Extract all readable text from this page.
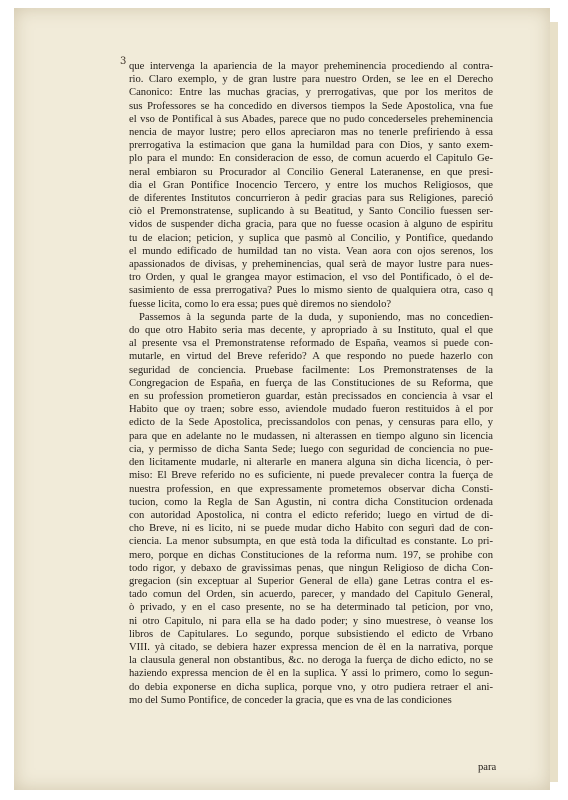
3 que intervenga la apariencia de la mayor preheminencia procediendo al contra-
rio. Claro exemplo, y de gran lustre para nuestro Orden, se lee en el Derecho
Canonico: Entre las muchas gracias, y prerrogativas, que por los meritos de
sus Professores se ha concedido en diversos tiempos la Sede Apostolica, vna fue
el vso de Pontifical à sus Abades, parece que no pudo concederseles preheminencia
nencia de mayor lustre; pero ellos apreciaron mas no tenerle prefiriendo à essa
prerrogativa la estimacion que gana la humildad para con Dios, y santo exem-
plo para el mundo: En consideracion de esso, de comun acuerdo el Capitulo Ge-
neral embiaron su Procurador al Concilio General Lateranense, en que presi-
dia el Gran Pontifice Inocencio Tercero, y entre los muchos Religiosos, que
de diferentes Institutos concurrieron à pedir gracias para sus Religiones, pareció
ciò el Premonstratense, suplicando à su Beatitud, y Santo Concilio fuessen ser-
vidos de suspender dicha gracia, para que no fuesse ocasion à alguno de espiritu
tu de elacion; peticion, y suplica que pasmò al Concilio, y Pontifice, quedando
el mundo edificado de humildad tan no vista. Vean aora con ojos serenos, los
apassionados de divisas, y preheminencias, qual serà de mayor lustre para nues-
tro Orden, y qual le grangea mayor estimacion, el vso del Pontificado, ò el de-
sasimiento de essa prerrogativa? Pues lo mismo siento de qualquiera otra, caso q
fuesse licita, como lo era essa; pues què diremos no siendolo?
Passemos à la segunda parte de la duda, y suponiendo, mas no concedien-
do que otro Habito seria mas decente, y apropriado à su Instituto, qual el que
al presente vsa el Premonstratense reformado de España, veamos si puede con-
mutarle, en virtud del Breve referido? A que respondo no puede hazerlo con
seguridad de conciencia. Pruebase facilmente: Los Premonstratenses de la
Congregacion de España, en fuerça de las Constituciones de su Reforma, que
en su profession prometieron guardar, estàn precissados en conciencia à vsar el
Habito que oy traen; sobre esso, aviendole mudado fueron restituidos à el por
edicto de la Sede Apostolica, precissandolos con penas, y censuras para ello, y
para que en adelante no le mudassen, ni alterassen en tiempo alguno sin licencia
cia, y permisso de dicha Santa Sede; luego con seguridad de conciencia no pue-
den licitamente mudarle, ni alterarle en manera alguna sin dicha licencia, ò per-
miso: El Breve referido no es suficiente, ni puede prevalecer contra la fuerça de
nuestra profession, en que expressamente prometemos observar dicha Consti-
tucion, como la Regla de San Agustin, ni contra dicha Constitucion ordenada
con autoridad Apostolica, ni contra el edicto referido; luego en virtud de di-
cho Breve, ni es licito, ni se puede mudar dicho Habito con segurì dad de con-
ciencia. La menor subsumpta, en que està toda la dificultad es constante. Lo pri-
mero, porque en dichas Constituciones de la reforma num. 197, se prohibe con
todo rigor, y debaxo de gravissimas penas, que ningun Religioso de dicha Con-
gregacion (sin exceptuar al Superior General de ella) gane Letras contra el es-
tado comun del Orden, sin acuerdo, parecer, y mandado del Capitulo General,
ò privado, y en el caso presente, no se ha determinado tal peticion, por vno,
ni otro Capitulo, ni para ella se ha dado poder; y sino muestrese, ò veanse los
libros de Capitulares. Lo segundo, porque subsistiendo el edicto de Vrbano
VIII. yà citado, se debiera hazer expressa mencion de èl en la narrativa, porque
la clausula general non obstantibus, &c. no deroga la fuerça de dicho edicto, no se
haziendo expressa mencion de èl en la suplica. Y assi lo primero, como lo segun-
do debia exponerse en dicha suplica, porque vno, y otro pudiera retraer el ani-
mo del Sumo Pontifice, de conceder la gracia, que es vna de las condiciones
para
